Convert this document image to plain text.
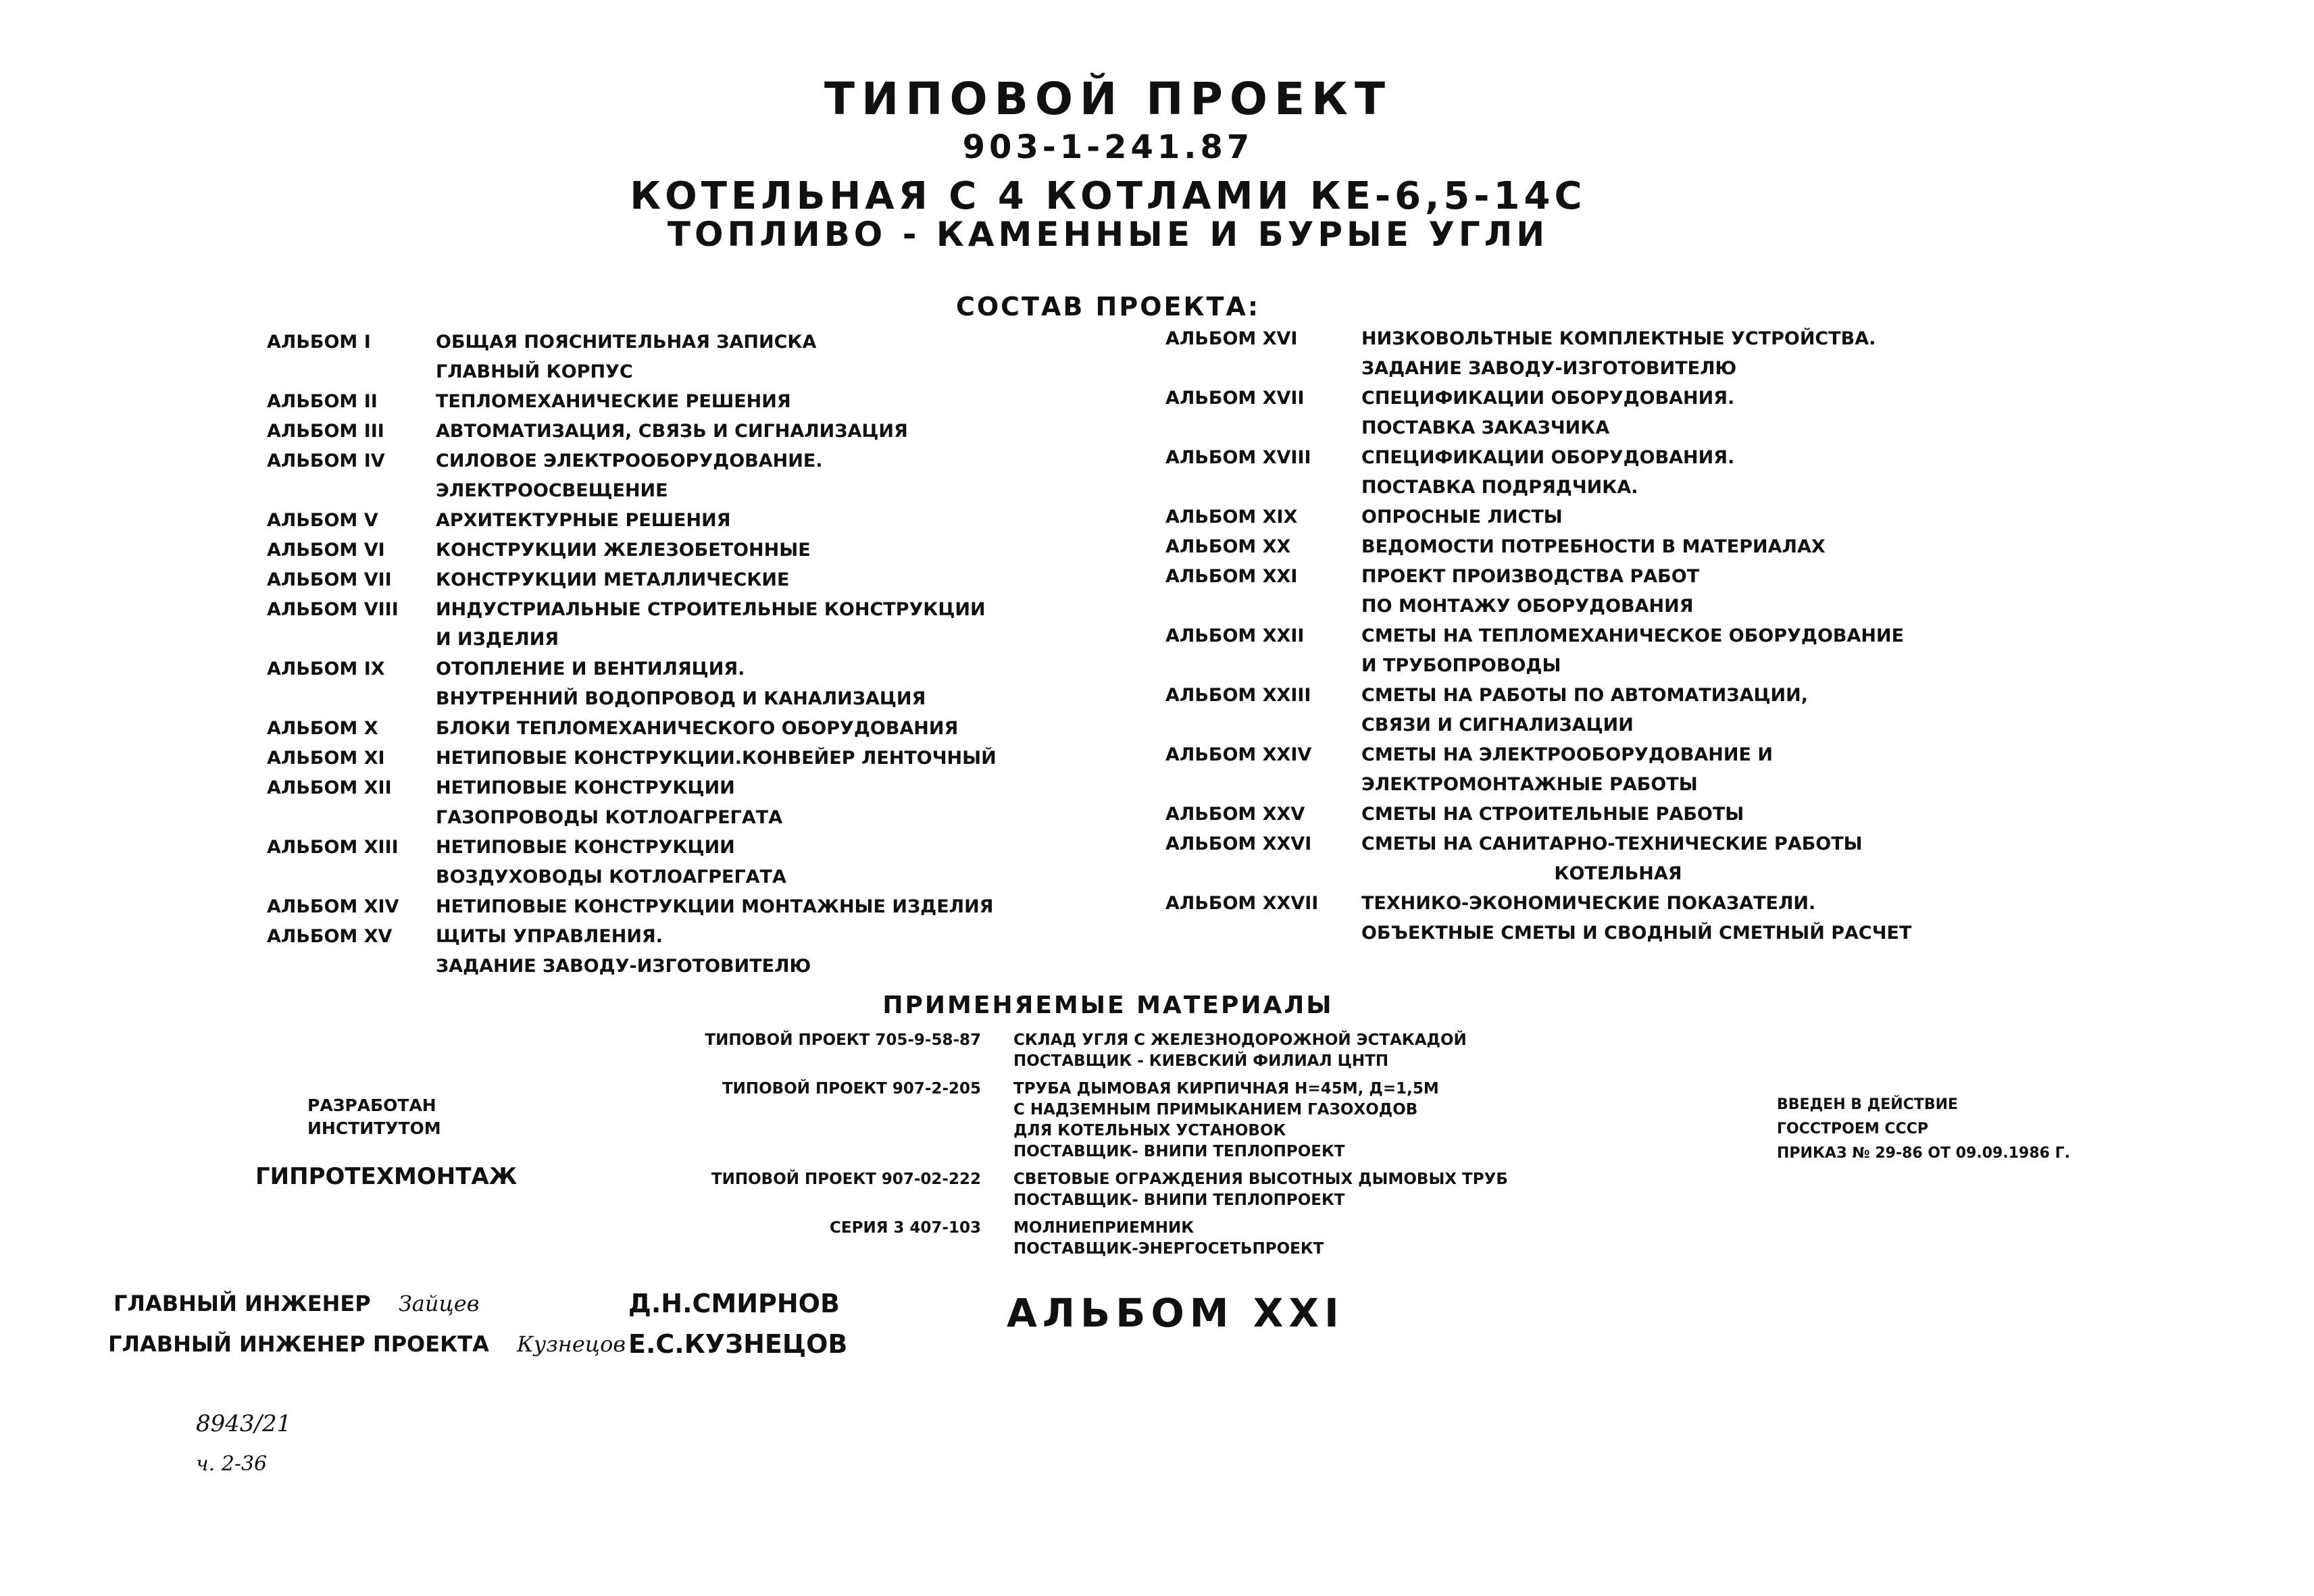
ТИПОВОЙ ПРОЕКТ
903-1-241.87
КОТЕЛЬНАЯ С 4 КОТЛАМИ КЕ-6,5-14С
ТОПЛИВО - КАМЕННЫЕ И БУРЫЕ УГЛИ
СОСТАВ ПРОЕКТА:
АЛЬБОМ I	ОБЩАЯ ПОЯСНИТЕЛЬНАЯ ЗАПИСКА
ГЛАВНЫЙ КОРПУС
АЛЬБОМ II	ТЕПЛОМЕХАНИЧЕСКИЕ РЕШЕНИЯ
АЛЬБОМ III	АВТОМАТИЗАЦИЯ, СВЯЗЬ И СИГНАЛИЗАЦИЯ
АЛЬБОМ IV	СИЛОВОЕ ЭЛЕКТРООБОРУДОВАНИЕ.
ЭЛЕКТРООСВЕЩЕНИЕ
АЛЬБОМ V	АРХИТЕКТУРНЫЕ РЕШЕНИЯ
АЛЬБОМ VI	КОНСТРУКЦИИ ЖЕЛЕЗОБЕТОННЫЕ
АЛЬБОМ VII	КОНСТРУКЦИИ МЕТАЛЛИЧЕСКИЕ
АЛЬБОМ VIII	ИНДУСТРИАЛЬНЫЕ СТРОИТЕЛЬНЫЕ КОНСТРУКЦИИ
И ИЗДЕЛИЯ
АЛЬБОМ IX	ОТОПЛЕНИЕ И ВЕНТИЛЯЦИЯ.
ВНУТРЕННИЙ ВОДОПРОВОД И КАНАЛИЗАЦИЯ
АЛЬБОМ X	БЛОКИ ТЕПЛОМЕХАНИЧЕСКОГО ОБОРУДОВАНИЯ
АЛЬБОМ XI	НЕТИПОВЫЕ КОНСТРУКЦИИ.КОНВЕЙЕР ЛЕНТОЧНЫЙ
АЛЬБОМ XII	НЕТИПОВЫЕ КОНСТРУКЦИИ
ГАЗОПРОВОДЫ КОТЛОАГРЕГАТА
АЛЬБОМ XIII	НЕТИПОВЫЕ КОНСТРУКЦИИ
ВОЗДУХОВОДЫ КОТЛОАГРЕГАТА
АЛЬБОМ XIV	НЕТИПОВЫЕ КОНСТРУКЦИИ МОНТАЖНЫЕ ИЗДЕЛИЯ
АЛЬБОМ XV	ЩИТЫ УПРАВЛЕНИЯ.
ЗАДАНИЕ ЗАВОДУ-ИЗГОТОВИТЕЛЮ
АЛЬБОМ XVI	НИЗКОВОЛЬТНЫЕ КОМПЛЕКТНЫЕ УСТРОЙСТВА.
ЗАДАНИЕ ЗАВОДУ-ИЗГОТОВИТЕЛЮ
АЛЬБОМ XVII	СПЕЦИФИКАЦИИ ОБОРУДОВАНИЯ.
ПОСТАВКА ЗАКАЗЧИКА
АЛЬБОМ XVIII	СПЕЦИФИКАЦИИ ОБОРУДОВАНИЯ.
ПОСТАВКА ПОДРЯДЧИКА.
АЛЬБОМ XIX	ОПРОСНЫЕ ЛИСТЫ
АЛЬБОМ XX	ВЕДОМОСТИ ПОТРЕБНОСТИ В МАТЕРИАЛАХ
АЛЬБОМ XXI	ПРОЕКТ ПРОИЗВОДСТВА РАБОТ
ПО МОНТАЖУ ОБОРУДОВАНИЯ
АЛЬБОМ XXII	СМЕТЫ НА ТЕПЛОМЕХАНИЧЕСКОЕ ОБОРУДОВАНИЕ
И ТРУБОПРОВОДЫ
АЛЬБОМ XXIII	СМЕТЫ НА РАБОТЫ ПО АВТОМАТИЗАЦИИ,
СВЯЗИ И СИГНАЛИЗАЦИИ
АЛЬБОМ XXIV	СМЕТЫ НА ЭЛЕКТРООБОРУДОВАНИЕ И
ЭЛЕКТРОМОНТАЖНЫЕ РАБОТЫ
АЛЬБОМ XXV	СМЕТЫ НА СТРОИТЕЛЬНЫЕ РАБОТЫ
АЛЬБОМ XXVI	СМЕТЫ НА САНИТАРНО-ТЕХНИЧЕСКИЕ РАБОТЫ
КОТЕЛЬНАЯ
АЛЬБОМ XXVII	ТЕХНИКО-ЭКОНОМИЧЕСКИЕ ПОКАЗАТЕЛИ.
ОБЪЕКТНЫЕ СМЕТЫ И СВОДНЫЙ СМЕТНЫЙ РАСЧЕТ
ПРИМЕНЯЕМЫЕ МАТЕРИАЛЫ
ТИПОВОЙ ПРОЕКТ 705-9-58-87	СКЛАД УГЛЯ С ЖЕЛЕЗНОДОРОЖНОЙ ЭСТАКАДОЙ
ПОСТАВЩИК - КИЕВСКИЙ ФИЛИАЛ ЦНТП
ТИПОВОЙ ПРОЕКТ 907-2-205	ТРУБА ДЫМОВАЯ КИРПИЧНАЯ Н=45М, Д=1,5М
С НАДЗЕМНЫМ ПРИМЫКАНИЕМ ГАЗОХОДОВ
ДЛЯ КОТЕЛЬНЫХ УСТАНОВОК
ПОСТАВЩИК- ВНИПИ ТЕПЛОПРОЕКТ
ТИПОВОЙ ПРОЕКТ 907-02-222	СВЕТОВЫЕ ОГРАЖДЕНИЯ ВЫСОТНЫХ ДЫМОВЫХ ТРУБ
ПОСТАВЩИК- ВНИПИ ТЕПЛОПРОЕКТ
СЕРИЯ 3 407-103	МОЛНИЕПРИЕМНИК
ПОСТАВЩИК-ЭНЕРГОСЕТЬПРОЕКТ
РАЗРАБОТАН
ИНСТИТУТОМ
ГИПРОТЕХМОНТАЖ
ВВЕДЕН В ДЕЙСТВИЕ
ГОССТРОЕМ СССР
ПРИКАЗ № 29-86 ОТ 09.09.1986 Г.
ГЛАВНЫЙ ИНЖЕНЕР Зайцев	Д.Н.СМИРНОВ
ГЛАВНЫЙ ИНЖЕНЕР ПРОЕКТА Кузнецов Е.С.КУЗНЕЦОВ
АЛЬБОМ XXI
8943/21
ч. 2-36
